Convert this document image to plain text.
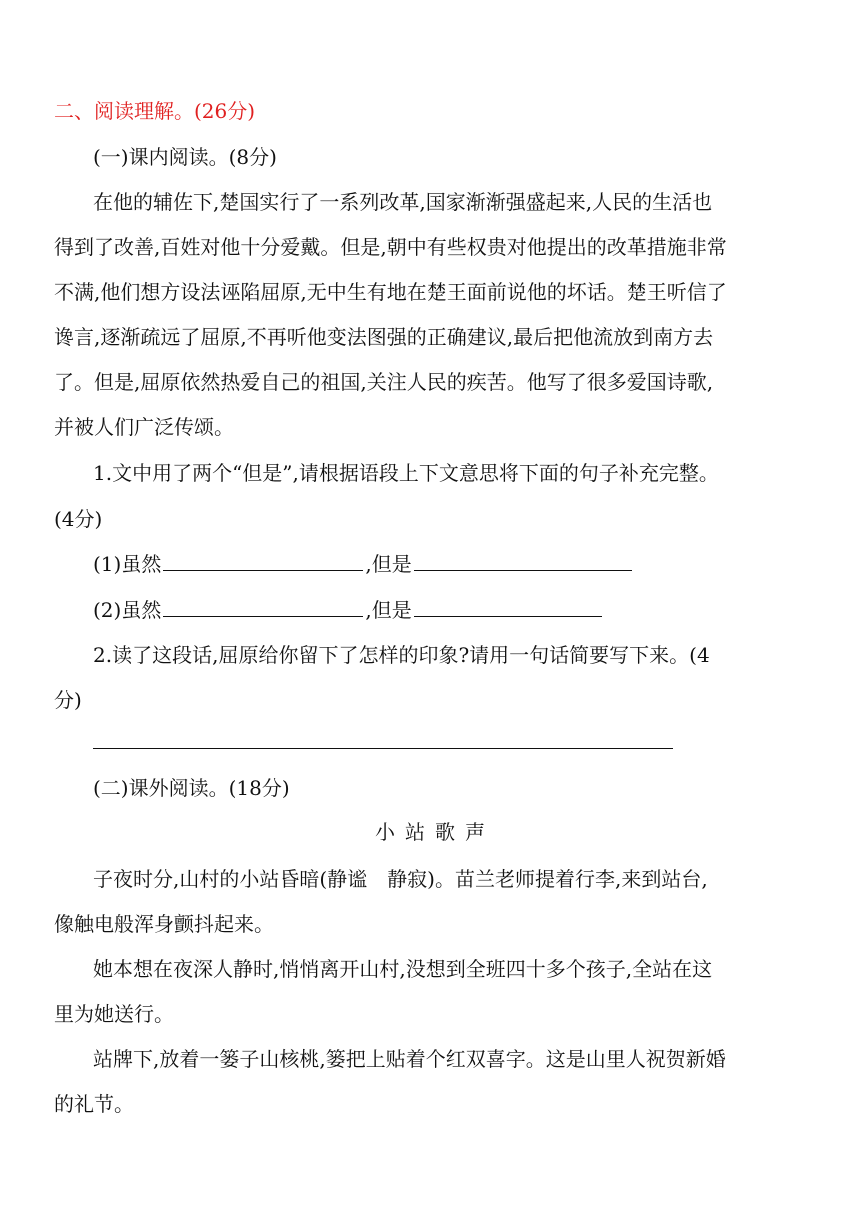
二、阅读理解。(26分)
(一)课内阅读。(8分)
在他的辅佐下,楚国实行了一系列改革,国家渐渐强盛起来,人民的生活也
得到了改善,百姓对他十分爱戴。但是,朝中有些权贵对他提出的改革措施非常
不满,他们想方设法诬陷屈原,无中生有地在楚王面前说他的坏话。楚王听信了
谗言,逐渐疏远了屈原,不再听他变法图强的正确建议,最后把他流放到南方去
了。但是,屈原依然热爱自己的祖国,关注人民的疾苦。他写了很多爱国诗歌,
并被人们广泛传颂。
1.文中用了两个“但是”,请根据语段上下文意思将下面的句子补充完整。
(4分)
(1)虽然	,但是
(2)虽然	,但是
2.读了这段话,屈原给你留下了怎样的印象?请用一句话简要写下来。(4
分)
(二)课外阅读。(18分)
小站歌声
子夜时分,山村的小站昏暗(静谧　静寂)。苗兰老师提着行李,来到站台,
像触电般浑身颤抖起来。
她本想在夜深人静时,悄悄离开山村,没想到全班四十多个孩子,全站在这
里为她送行。
站牌下,放着一篓子山核桃,篓把上贴着个红双喜字。这是山里人祝贺新婚
的礼节。
